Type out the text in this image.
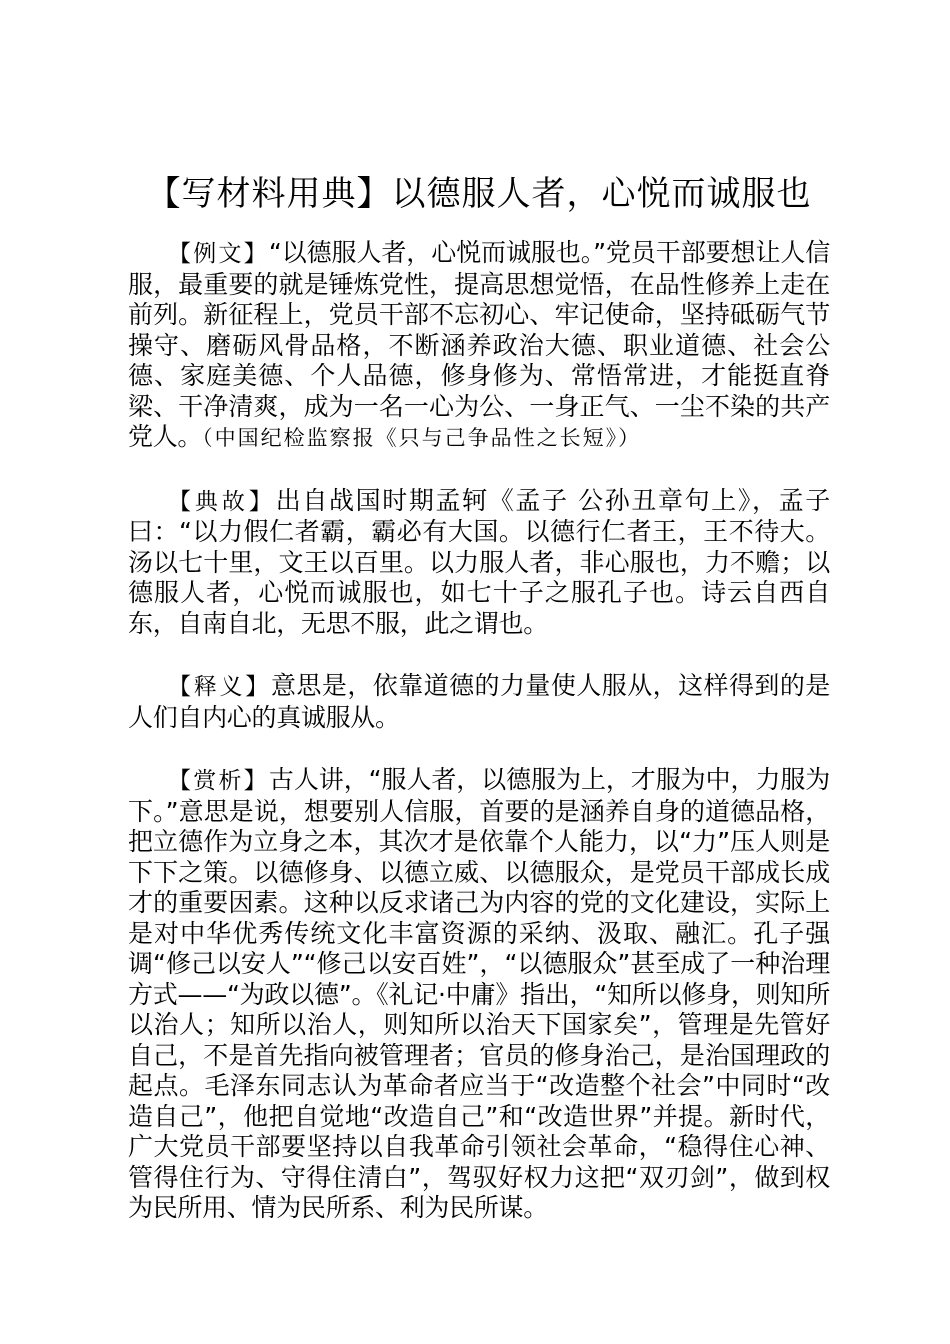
【写材料用典】以德服人者，心悦而诚服也

【例文】“以德服人者，心悦而诚服也。”党员干部要想让人信服，最重要的就是锤炼党性，提高思想觉悟，在品性修养上走在前列。新征程上，党员干部不忘初心、牢记使命，坚持砥砺气节操守、磨砺风骨品格，不断涵养政治大德、职业道德、社会公德、家庭美德、个人品德，修身修为、常悟常进，才能挺直脊梁、干净清爽，成为一名一心为公、一身正气、一尘不染的共产党人。（中国纪检监察报《只与己争品性之长短》）

【典故】出自战国时期孟轲《孟子 公孙丑章句上》，孟子曰：“以力假仁者霸，霸必有大国。以德行仁者王，王不待大。汤以七十里，文王以百里。以力服人者，非心服也，力不赡；以德服人者，心悦而诚服也，如七十子之服孔子也。诗云自西自东，自南自北，无思不服，此之谓也。

【释义】意思是，依靠道德的力量使人服从，这样得到的是人们自内心的真诚服从。

【赏析】古人讲，“服人者，以德服为上，才服为中，力服为下。”意思是说，想要别人信服，首要的是涵养自身的道德品格，把立德作为立身之本，其次才是依靠个人能力，以“力”压人则是下下之策。以德修身、以德立威、以德服众，是党员干部成长成才的重要因素。这种以反求诸己为内容的党的文化建设，实际上是对中华优秀传统文化丰富资源的采纳、汲取、融汇。孔子强调“修己以安人”“修己以安百姓”，“以德服众”甚至成了一种治理方式——“为政以德”。《礼记·中庸》指出，“知所以修身，则知所以治人；知所以治人，则知所以治天下国家矣”，管理是先管好自己，不是首先指向被管理者；官员的修身治己，是治国理政的起点。毛泽东同志认为革命者应当于“改造整个社会”中同时“改造自己”，他把自觉地“改造自己”和“改造世界”并提。新时代，广大党员干部要坚持以自我革命引领社会革命，“稳得住心神、管得住行为、守得住清白”，驾驭好权力这把“双刃剑”，做到权为民所用、情为民所系、利为民所谋。
